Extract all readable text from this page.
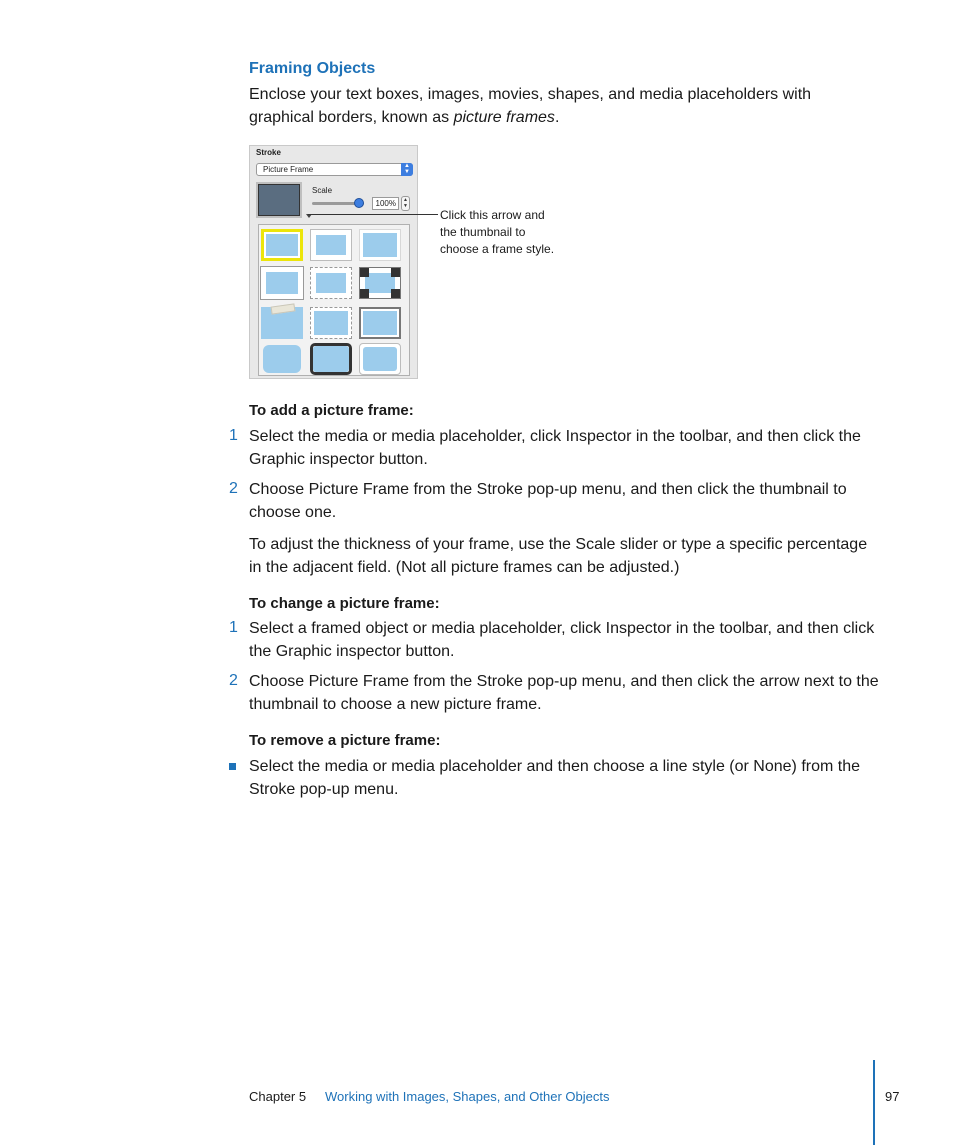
Framing Objects
Enclose your text boxes, images, movies, shapes, and media placeholders with graphical borders, known as picture frames.
Stroke
Picture Frame	▲
▼
Scale
100%	▲
▼
Click this arrow and
the thumbnail to
choose a frame style.
To add a picture frame:
1 Select the media or media placeholder, click Inspector in the toolbar, and then click the Graphic inspector button.
2 Choose Picture Frame from the Stroke pop-up menu, and then click the thumbnail to choose one.
To adjust the thickness of your frame, use the Scale slider or type a specific percentage in the adjacent field. (Not all picture frames can be adjusted.)
To change a picture frame:
1 Select a framed object or media placeholder, click Inspector in the toolbar, and then click the Graphic inspector button.
2 Choose Picture Frame from the Stroke pop-up menu, and then click the arrow next to the thumbnail to choose a new picture frame.
To remove a picture frame:
Select the media or media placeholder and then choose a line style (or None) from the Stroke pop-up menu.
Chapter 5 Working with Images, Shapes, and Other Objects	97
